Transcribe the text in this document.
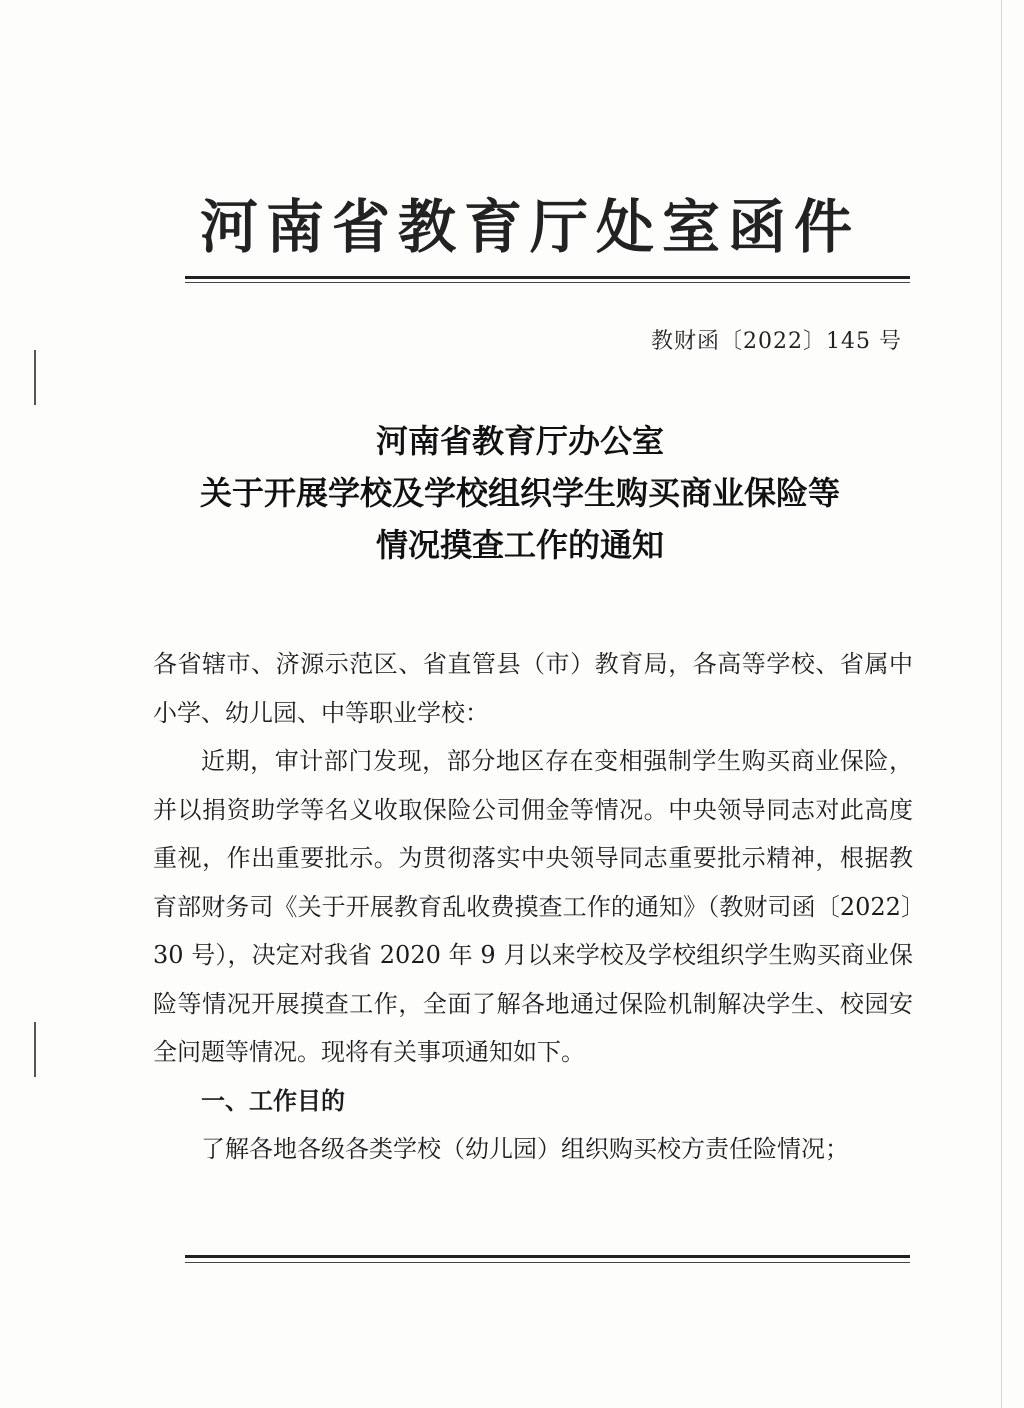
河南省教育厅处室函件
教财函〔2022〕145 号
河南省教育厅办公室
关于开展学校及学校组织学生购买商业保险等
情况摸查工作的通知

各省辖市、济源示范区、省直管县（市）教育局，各高等学校、省属中小学、幼儿园、中等职业学校：

近期，审计部门发现，部分地区存在变相强制学生购买商业保险，并以捐资助学等名义收取保险公司佣金等情况。中央领导同志对此高度重视，作出重要批示。为贯彻落实中央领导同志重要批示精神，根据教育部财务司《关于开展教育乱收费摸查工作的通知》（教财司函〔2022〕30 号），决定对我省 2020 年 9 月以来学校及学校组织学生购买商业保险等情况开展摸查工作，全面了解各地通过保险机制解决学生、校园安全问题等情况。现将有关事项通知如下。

一、工作目的

了解各地各级各类学校（幼儿园）组织购买校方责任险情况；
